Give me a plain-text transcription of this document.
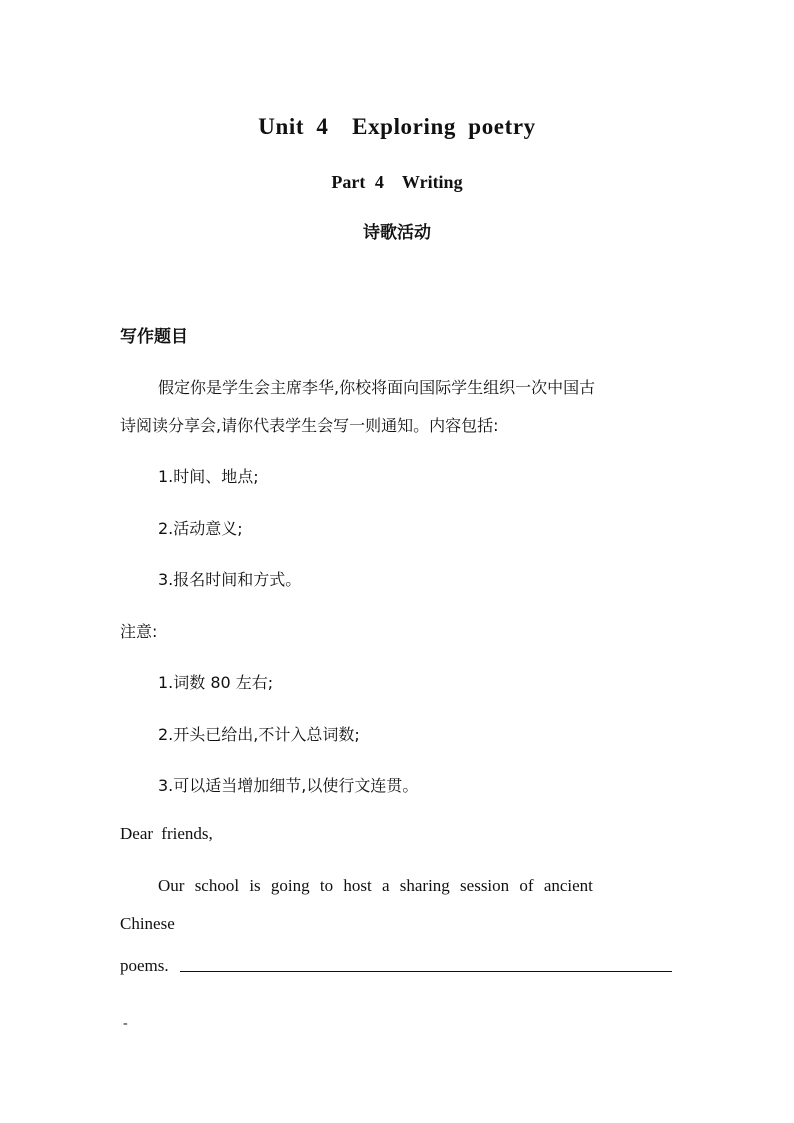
Unit 4　Exploring poetry
Part 4　Writing
诗歌活动
写作题目
假定你是学生会主席李华,你校将面向国际学生组织一次中国古
诗阅读分享会,请你代表学生会写一则通知。内容包括:
1.时间、地点;
2.活动意义;
3.报名时间和方式。
注意:
1.词数 80 左右;
2.开头已给出,不计入总词数;
3.可以适当增加细节,以使行文连贯。
Dear friends,
Our school is going to host a sharing session of ancient
Chinese
poems.
-
